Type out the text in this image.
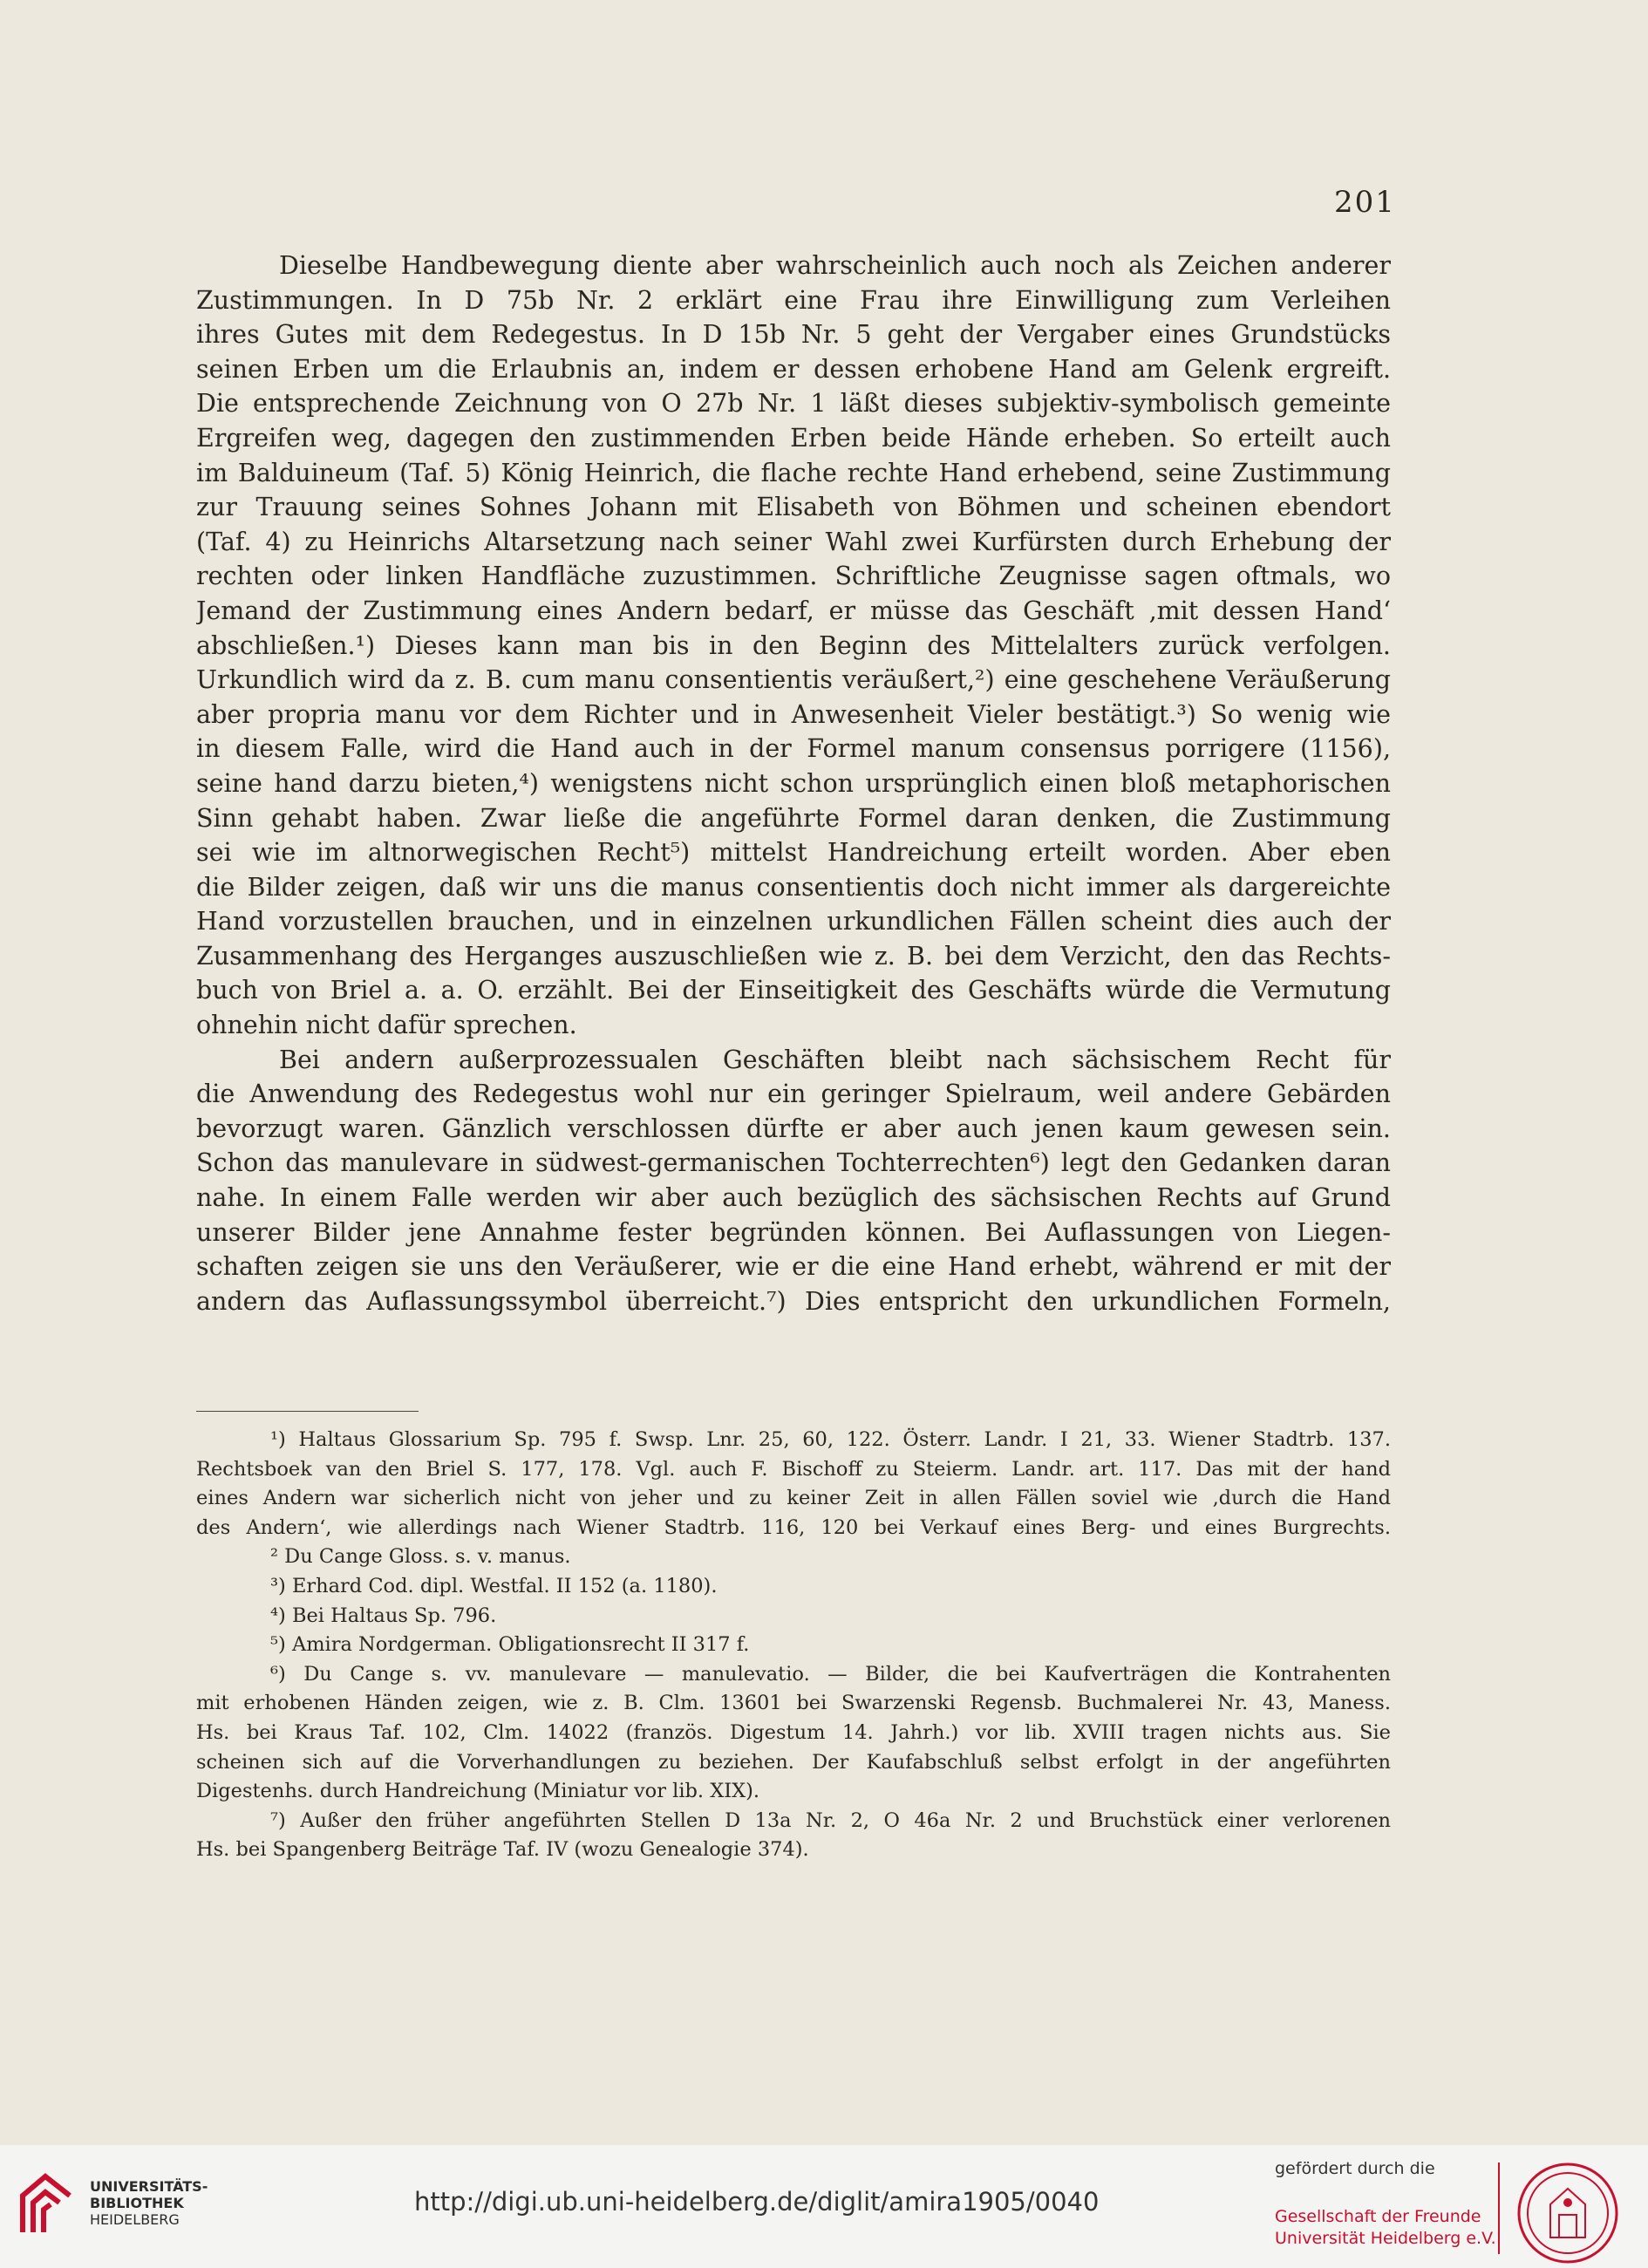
201
Dieselbe Handbewegung diente aber wahrscheinlich auch noch als Zeichen anderer
Zustimmungen. In D 75b Nr. 2 erklärt eine Frau ihre Einwilligung zum Verleihen
ihres Gutes mit dem Redegestus. In D 15b Nr. 5 geht der Vergaber eines Grundstücks
seinen Erben um die Erlaubnis an, indem er dessen erhobene Hand am Gelenk ergreift.
Die entsprechende Zeichnung von O 27b Nr. 1 läßt dieses subjektiv-symbolisch gemeinte
Ergreifen weg, dagegen den zustimmenden Erben beide Hände erheben. So erteilt auch
im Balduineum (Taf. 5) König Heinrich, die flache rechte Hand erhebend, seine Zustimmung
zur Trauung seines Sohnes Johann mit Elisabeth von Böhmen und scheinen ebendort
(Taf. 4) zu Heinrichs Altarsetzung nach seiner Wahl zwei Kurfürsten durch Erhebung der
rechten oder linken Handfläche zuzustimmen. Schriftliche Zeugnisse sagen oftmals, wo
Jemand der Zustimmung eines Andern bedarf, er müsse das Geschäft ‚mit dessen Hand‘
abschließen.¹) Dieses kann man bis in den Beginn des Mittelalters zurück verfolgen.
Urkundlich wird da z. B. cum manu consentientis veräußert,²) eine geschehene Veräußerung
aber propria manu vor dem Richter und in Anwesenheit Vieler bestätigt.³) So wenig wie
in diesem Falle, wird die Hand auch in der Formel manum consensus porrigere (1156),
seine hand darzu bieten,⁴) wenigstens nicht schon ursprünglich einen bloß metaphorischen
Sinn gehabt haben. Zwar ließe die angeführte Formel daran denken, die Zustimmung
sei wie im altnorwegischen Recht⁵) mittelst Handreichung erteilt worden. Aber eben
die Bilder zeigen, daß wir uns die manus consentientis doch nicht immer als dargereichte
Hand vorzustellen brauchen, und in einzelnen urkundlichen Fällen scheint dies auch der
Zusammenhang des Herganges auszuschließen wie z. B. bei dem Verzicht, den das Rechts-
buch von Briel a. a. O. erzählt. Bei der Einseitigkeit des Geschäfts würde die Vermutung
ohnehin nicht dafür sprechen.
Bei andern außerprozessualen Geschäften bleibt nach sächsischem Recht für
die Anwendung des Redegestus wohl nur ein geringer Spielraum, weil andere Gebärden
bevorzugt waren. Gänzlich verschlossen dürfte er aber auch jenen kaum gewesen sein.
Schon das manulevare in südwest-germanischen Tochterrechten⁶) legt den Gedanken daran
nahe. In einem Falle werden wir aber auch bezüglich des sächsischen Rechts auf Grund
unserer Bilder jene Annahme fester begründen können. Bei Auflassungen von Liegen-
schaften zeigen sie uns den Veräußerer, wie er die eine Hand erhebt, während er mit der
andern das Auflassungssymbol überreicht.⁷) Dies entspricht den urkundlichen Formeln,
¹) Haltaus Glossarium Sp. 795 f. Swsp. Lnr. 25, 60, 122. Österr. Landr. I 21, 33. Wiener Stadtrb. 137.
Rechtsboek van den Briel S. 177, 178. Vgl. auch F. Bischoff zu Steierm. Landr. art. 117. Das mit der hand
eines Andern war sicherlich nicht von jeher und zu keiner Zeit in allen Fällen soviel wie ‚durch die Hand
des Andern‘, wie allerdings nach Wiener Stadtrb. 116, 120 bei Verkauf eines Berg- und eines Burgrechts.
² Du Cange Gloss. s. v. manus.
³) Erhard Cod. dipl. Westfal. II 152 (a. 1180).
⁴) Bei Haltaus Sp. 796.
⁵) Amira Nordgerman. Obligationsrecht II 317 f.
⁶) Du Cange s. vv. manulevare — manulevatio. — Bilder, die bei Kaufverträgen die Kontrahenten
mit erhobenen Händen zeigen, wie z. B. Clm. 13601 bei Swarzenski Regensb. Buchmalerei Nr. 43, Maness.
Hs. bei Kraus Taf. 102, Clm. 14022 (französ. Digestum 14. Jahrh.) vor lib. XVIII tragen nichts aus. Sie
scheinen sich auf die Vorverhandlungen zu beziehen. Der Kaufabschluß selbst erfolgt in der angeführten
Digestenhs. durch Handreichung (Miniatur vor lib. XIX).
⁷) Außer den früher angeführten Stellen D 13a Nr. 2, O 46a Nr. 2 und Bruchstück einer verlorenen
Hs. bei Spangenberg Beiträge Taf. IV (wozu Genealogie 374).
UNIVERSITÄTS-
BIBLIOTHEK
HEIDELBERG
http://digi.ub.uni-heidelberg.de/diglit/amira1905/0040
gefördert durch die
Gesellschaft der Freunde
Universität Heidelberg e.V.
